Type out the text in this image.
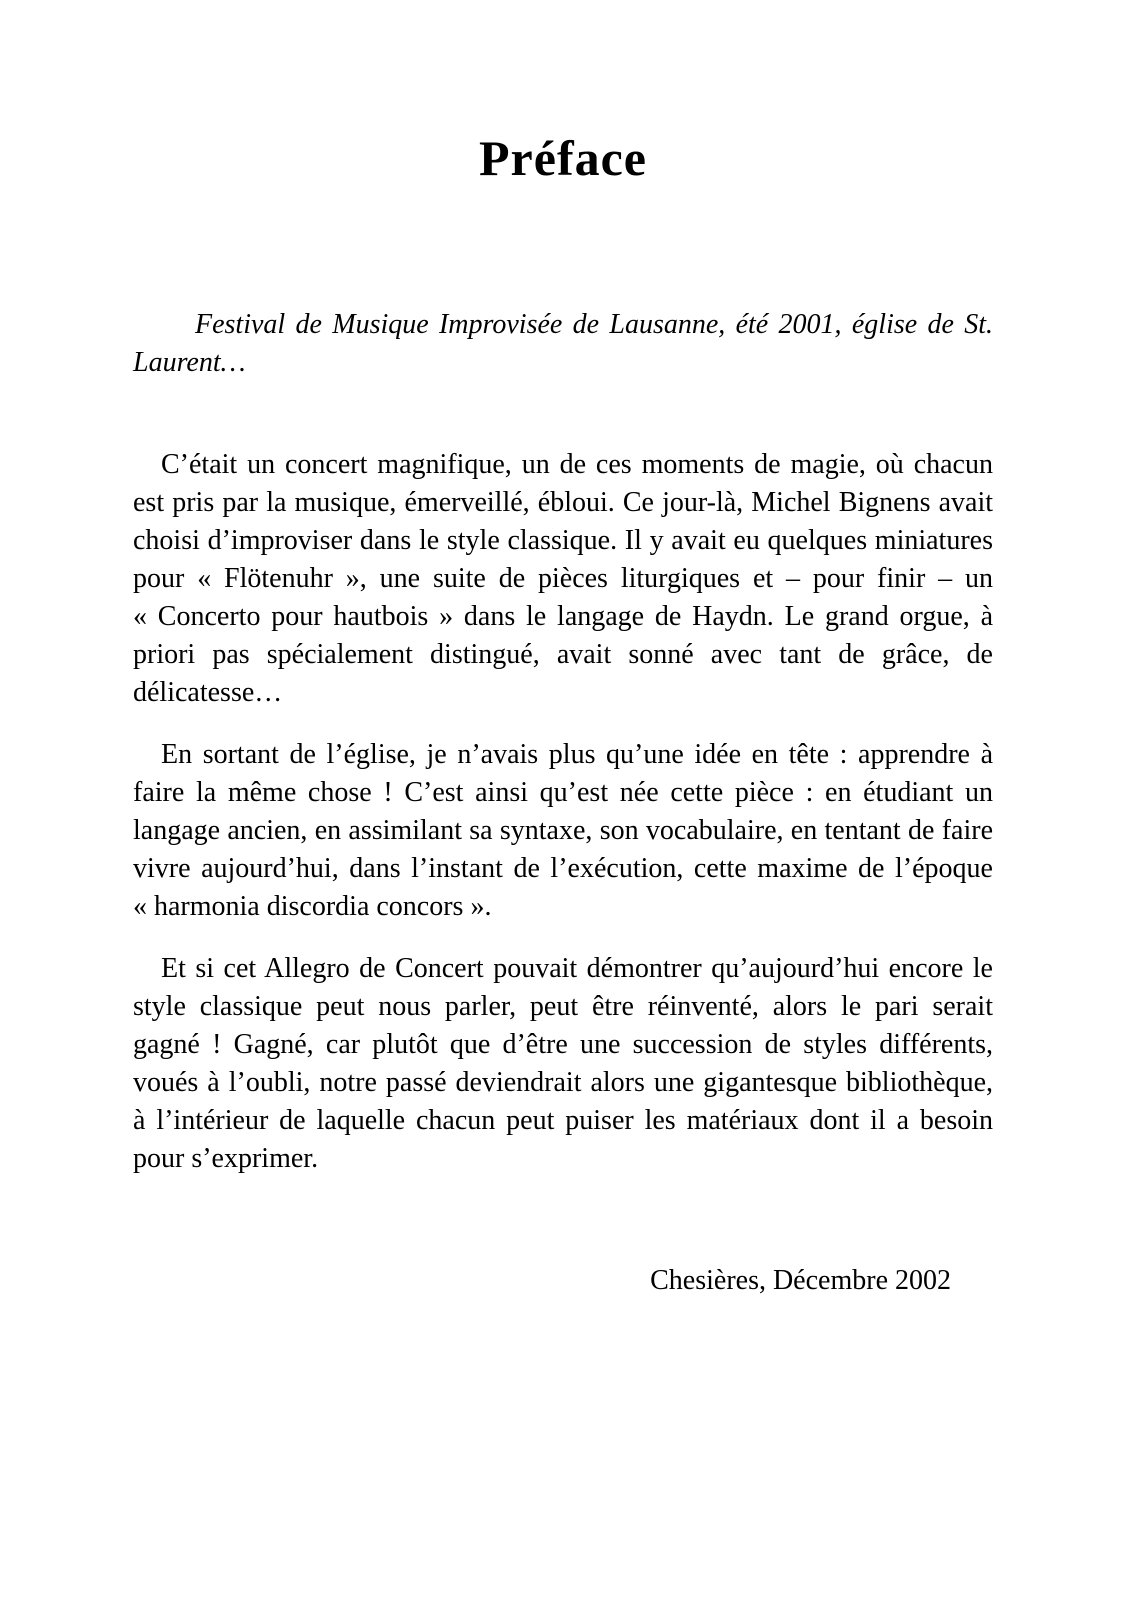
Préface

Festival de Musique Improvisée de Lausanne, été 2001, église de St. Laurent…

C’était un concert magnifique, un de ces moments de magie, où chacun est pris par la musique, émerveillé, ébloui. Ce jour-là, Michel Bignens avait choisi d’improviser dans le style classique. Il y avait eu quelques miniatures pour « Flötenuhr », une suite de pièces liturgiques et – pour finir – un « Concerto pour hautbois » dans le langage de Haydn. Le grand orgue, à priori pas spécialement distingué, avait sonné avec tant de grâce, de délicatesse…

En sortant de l’église, je n’avais plus qu’une idée en tête : apprendre à faire la même chose ! C’est ainsi qu’est née cette pièce : en étudiant un langage ancien, en assimilant sa syntaxe, son vocabulaire, en tentant de faire vivre aujourd’hui, dans l’instant de l’exécution, cette maxime de l’époque « harmonia discordia concors ».

Et si cet Allegro de Concert pouvait démontrer qu’aujourd’hui encore le style classique peut nous parler, peut être réinventé, alors le pari serait gagné ! Gagné, car plutôt que d’être une succession de styles différents, voués à l’oubli, notre passé deviendrait alors une gigantesque bibliothèque, à l’intérieur de laquelle chacun peut puiser les matériaux dont il a besoin pour s’exprimer.

Chesières, Décembre 2002
